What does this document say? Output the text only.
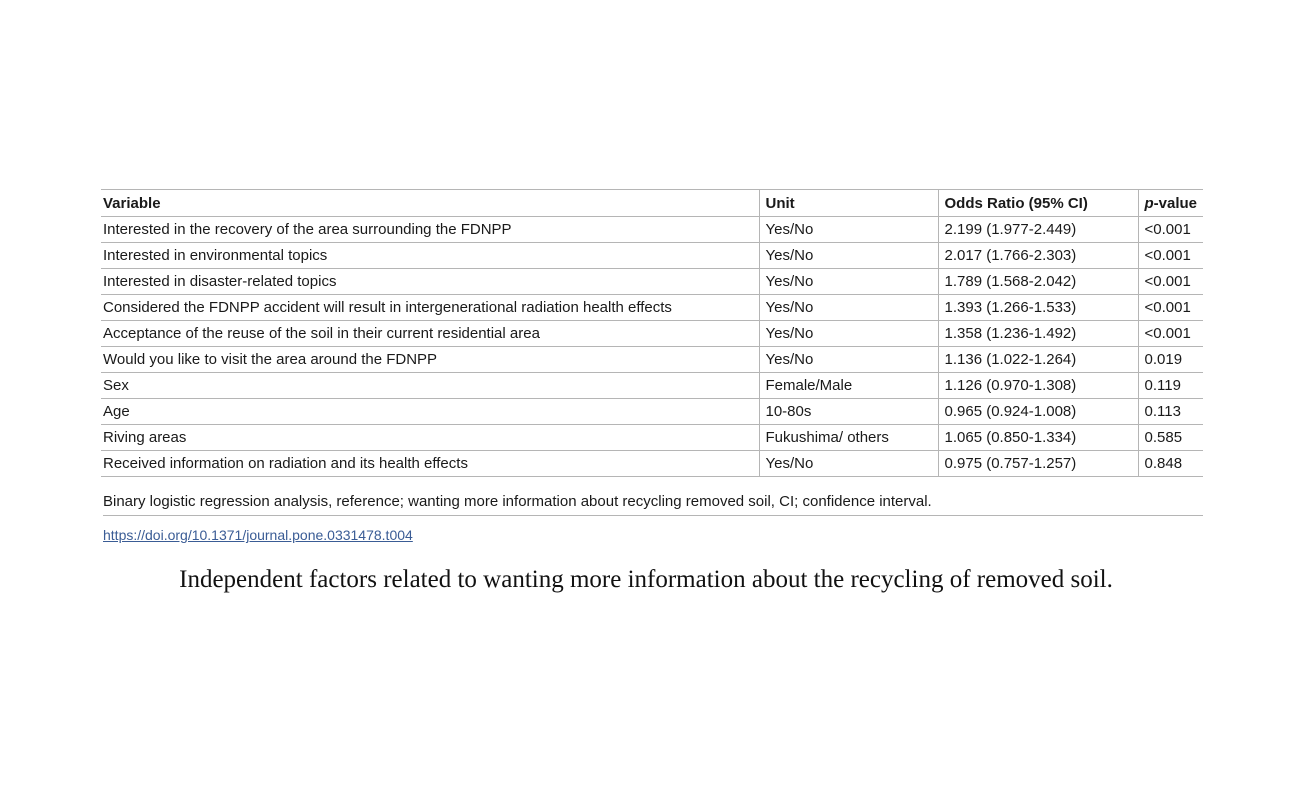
Variable	Unit	Odds Ratio (95% CI)	p-value
Interested in the recovery of the area surrounding the FDNPP	Yes/No	2.199 (1.977-2.449)	<0.001
Interested in environmental topics	Yes/No	2.017 (1.766-2.303)	<0.001
Interested in disaster-related topics	Yes/No	1.789 (1.568-2.042)	<0.001
Considered the FDNPP accident will result in intergenerational radiation health effects	Yes/No	1.393 (1.266-1.533)	<0.001
Acceptance of the reuse of the soil in their current residential area	Yes/No	1.358 (1.236-1.492)	<0.001
Would you like to visit the area around the FDNPP	Yes/No	1.136 (1.022-1.264)	0.019
Sex	Female/Male	1.126 (0.970-1.308)	0.119
Age	10-80s	0.965 (0.924-1.008)	0.113
Riving areas	Fukushima/ others	1.065 (0.850-1.334)	0.585
Received information on radiation and its health effects	Yes/No	0.975 (0.757-1.257)	0.848
Binary logistic regression analysis, reference; wanting more information about recycling removed soil, CI; confidence interval.
https://doi.org/10.1371/journal.pone.0331478.t004
Independent factors related to wanting more information about the recycling of removed soil.
